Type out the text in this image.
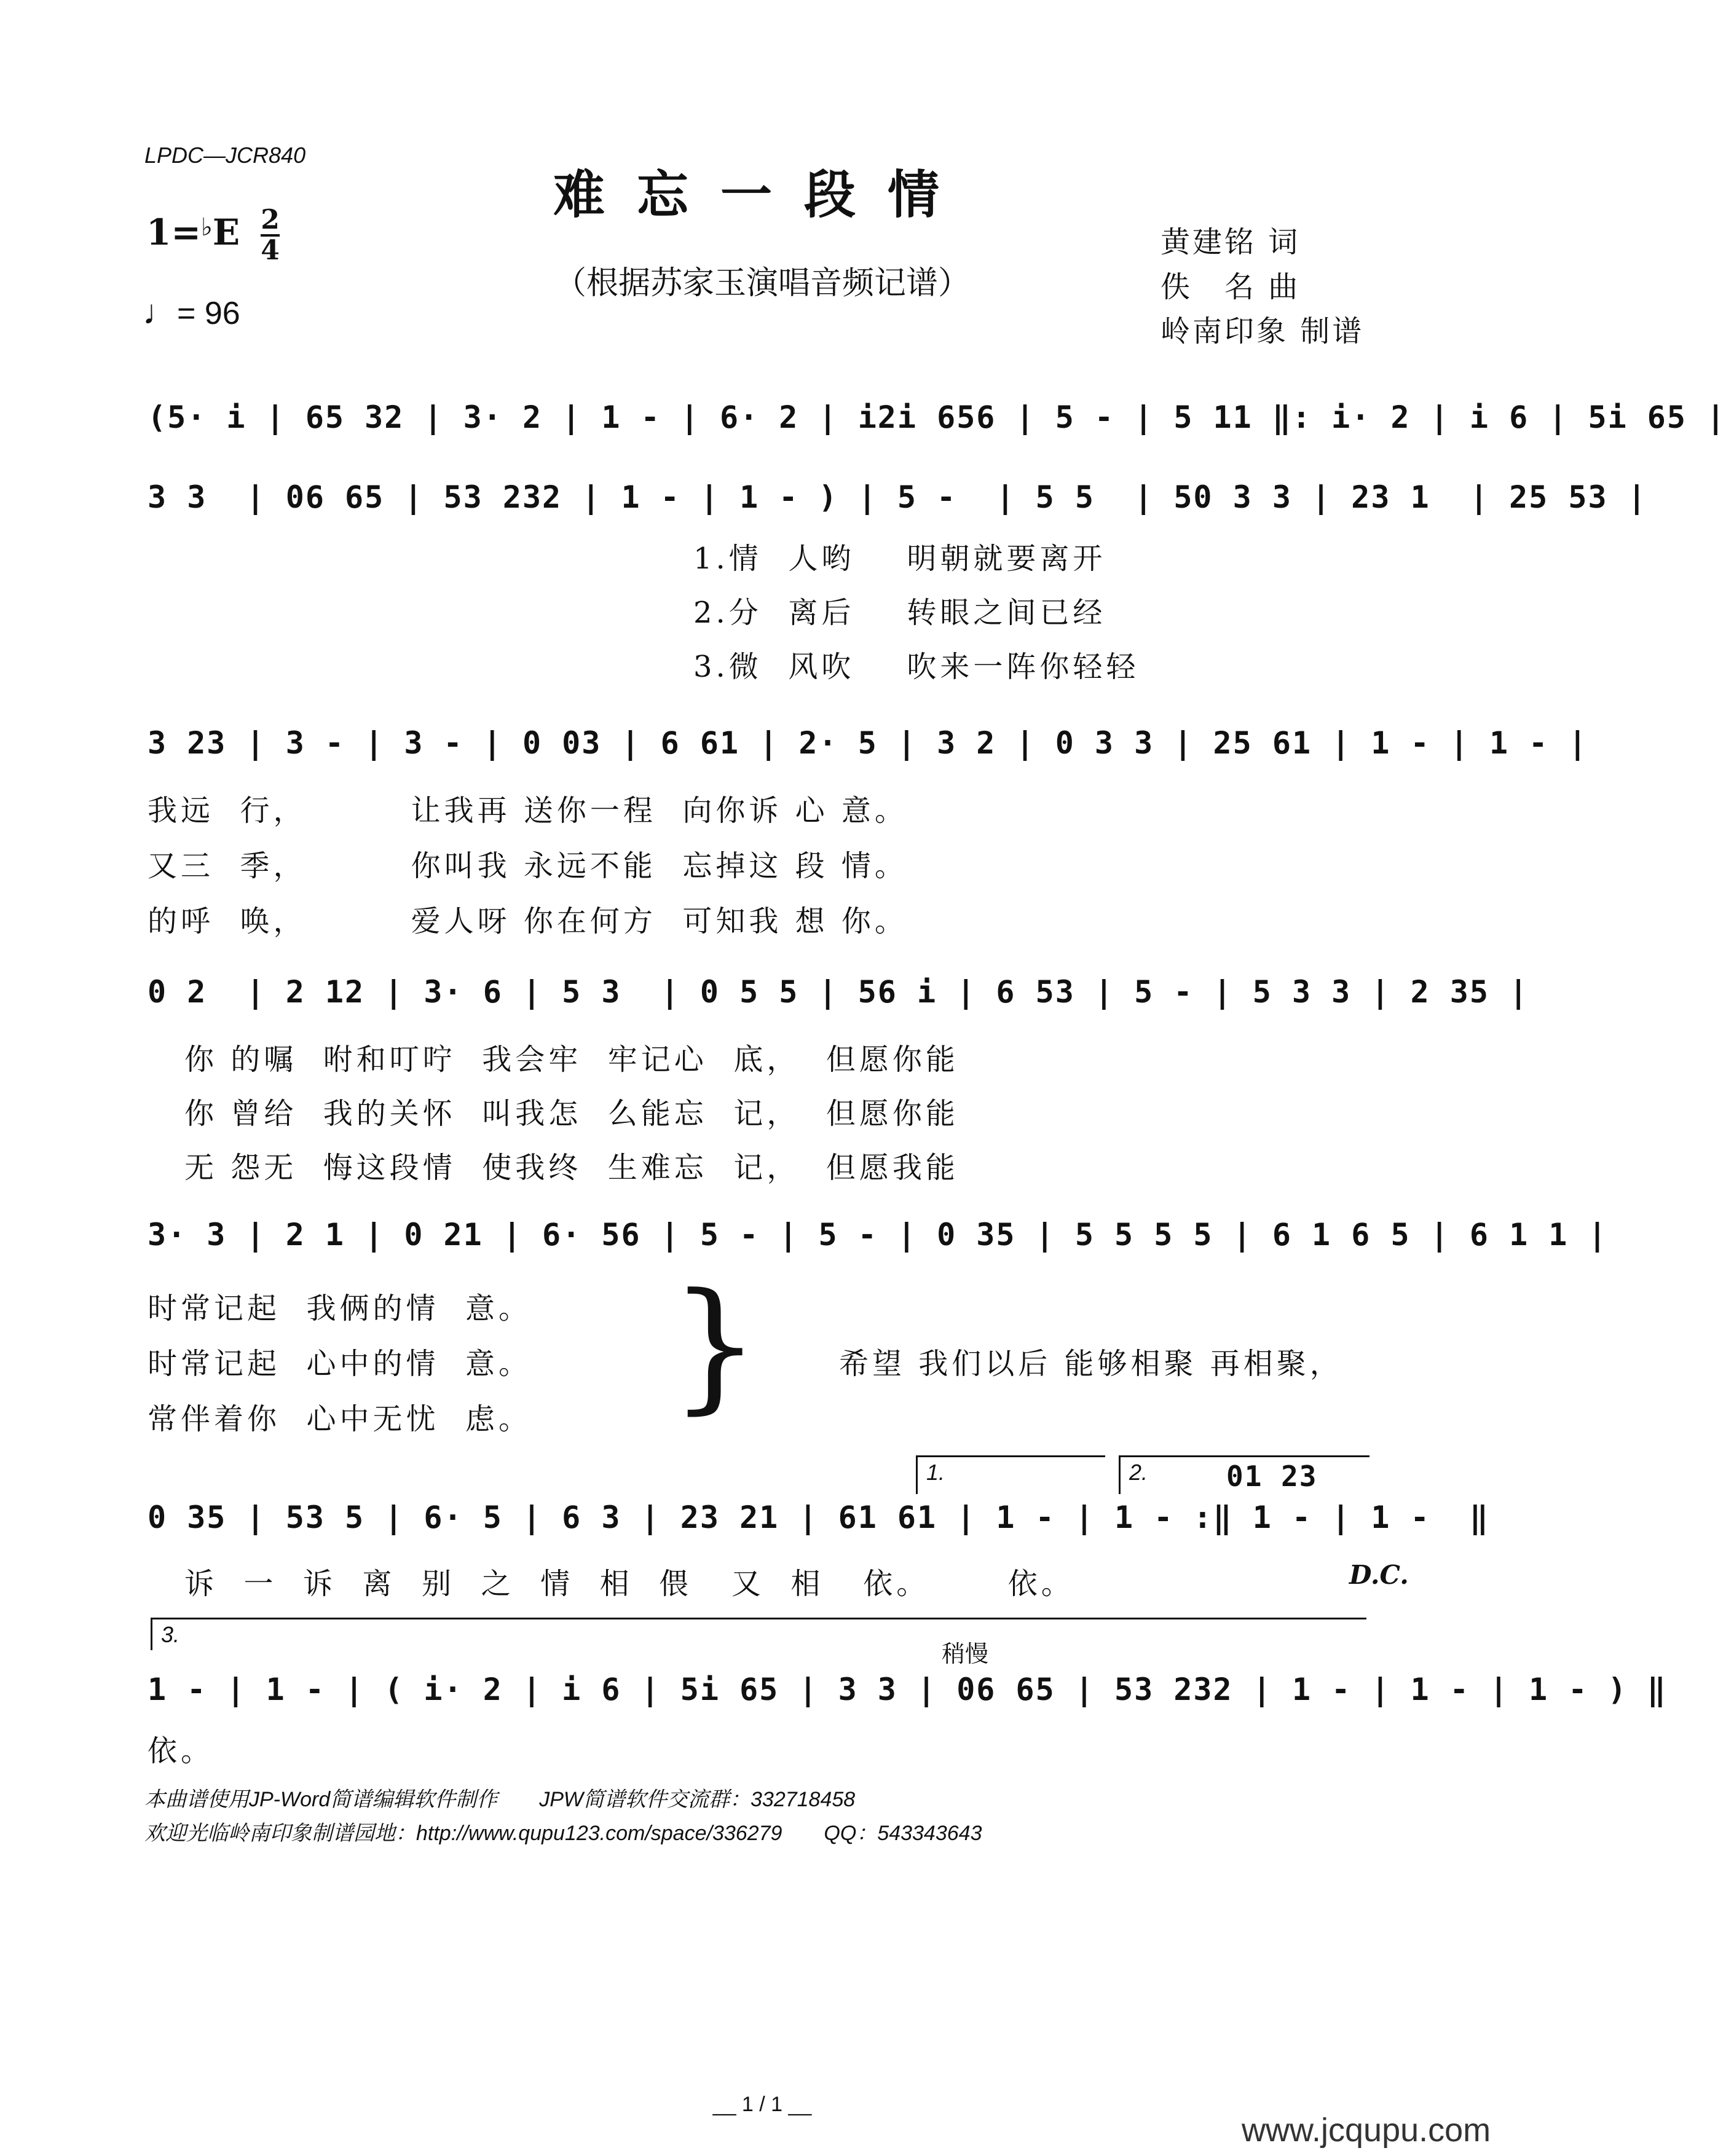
LPDC—JCR840
难忘一段情
（根据苏家玉演唱音频记谱）
$1=^♭E \frac{2}{4}$
♩= 96
黄建铭 词
佚　名 曲
岭南印象 制谱
(5· i | 65 32 | 3· 2 | 1 - | 6· 2 | i2i 656 | 5 - | 5 11 ‖: i· 2 | i 6 | 5i 65 |
3 3  | 06 65 | 53 232 | 1 - | 1 - ) | 5 -  | 5 5  | 50 3 3 | 23 1  | 25 53 |
1.情  人哟    明朝就要离开
2.分  离后    转眼之间已经
3.微  风吹    吹来一阵你轻轻
3 23 | 3 - | 3 - | 0 03 | 6 61 | 2· 5 | 3 2 | 0 3 3 | 25 61 | 1 - | 1 - |
我远  行，        让我再 送你一程  向你诉 心 意。
又三  季，        你叫我 永远不能  忘掉这 段 情。
的呼  唤，        爱人呀 你在何方  可知我 想 你。
0 2  | 2 12 | 3· 6 | 5 3  | 0 5 5 | 56 i | 6 53 | 5 - | 5 3 3 | 2 35 |
你 的嘱  咐和叮咛  我会牢  牢记心  底，  但愿你能
你 曾给  我的关怀  叫我怎  么能忘  记，  但愿你能
无 怨无  悔这段情  使我终  生难忘  记，  但愿我能
3· 3 | 2 1 | 0 21 | 6· 56 | 5 - | 5 - | 0 35 | 5 5 5 5 | 6 1 6 5 | 6 1 1 |
时常记起  我俩的情  意。
时常记起  心中的情  意。
常伴着你  心中无忧  虑。 }	希望 我们以后 能够相聚 再相聚，
1.	2.	01 23
0 35 | 53 5 | 6· 5 | 6 3 | 23 21 | 61 61 | 1 - | 1 - :‖ 1 - | 1 -  ‖
诉  一  诉  离  别  之  情  相  偎   又  相   依。      依。	D.C.
3.
稍慢
1 - | 1 - | ( i· 2 | i 6 | 5i 65 | 3 3 | 06 65 | 53 232 | 1 - | 1 - | 1 - ) ‖
依。
本曲谱使用JP-Word简谱编辑软件制作　　JPW简谱软件交流群：332718458
欢迎光临岭南印象制谱园地：http://www.qupu123.com/space/336279　　QQ：543343643
__ 1 / 1 __
www.jcqupu.com
